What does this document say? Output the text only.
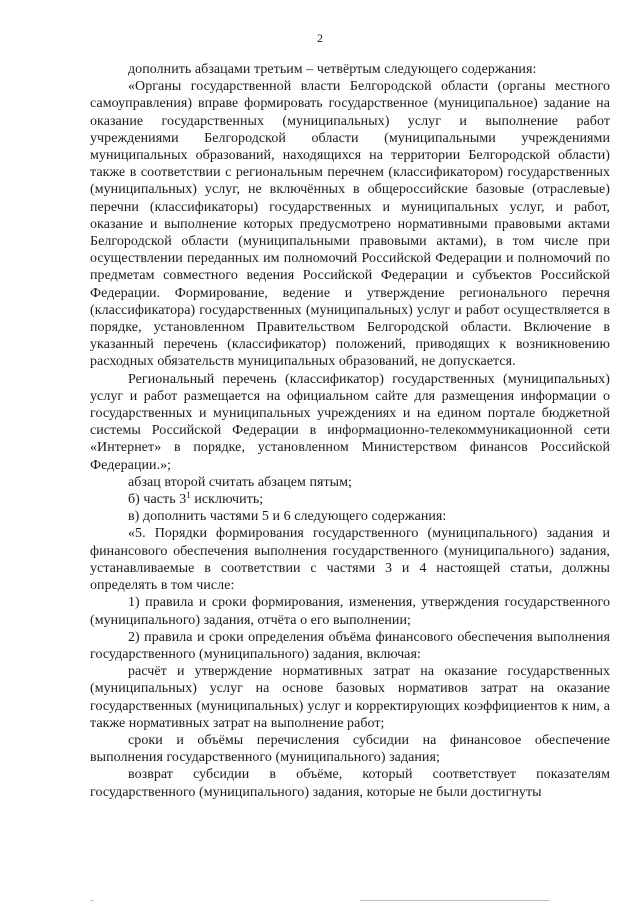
2

дополнить абзацами третьим – четвёртым следующего содержания:

«Органы государственной власти Белгородской области (органы местного самоуправления) вправе формировать государственное (муниципальное) задание на оказание государственных (муниципальных) услуг и выполнение работ учреждениями Белгородской области (муниципальными учреждениями муниципальных образований, находящихся на территории Белгородской области) также в соответствии с региональным перечнем (классификатором) государственных (муниципальных) услуг, не включённых в общероссийские базовые (отраслевые) перечни (классификаторы) государственных и муниципальных услуг, и работ, оказание и выполнение которых предусмотрено нормативными правовыми актами Белгородской области (муниципальными правовыми актами), в том числе при осуществлении переданных им полномочий Российской Федерации и полномочий по предметам совместного ведения Российской Федерации и субъектов Российской Федерации. Формирование, ведение и утверждение регионального перечня (классификатора) государственных (муниципальных) услуг и работ осуществляется в порядке, установленном Правительством Белгородской области. Включение в указанный перечень (классификатор) положений, приводящих к возникновению расходных обязательств муниципальных образований, не допускается.

Региональный перечень (классификатор) государственных (муниципальных) услуг и работ размещается на официальном сайте для размещения информации о государственных и муниципальных учреждениях и на едином портале бюджетной системы Российской Федерации в информационно-телекоммуникационной сети «Интернет» в порядке, установленном Министерством финансов Российской Федерации.»;

абзац второй считать абзацем пятым;

б) часть $3^1$ исключить;

в) дополнить частями 5 и 6 следующего содержания:

«5. Порядки формирования государственного (муниципального) задания и финансового обеспечения выполнения государственного (муниципального) задания, устанавливаемые в соответствии с частями 3 и 4 настоящей статьи, должны определять в том числе:

1) правила и сроки формирования, изменения, утверждения государственного (муниципального) задания, отчёта о его выполнении;

2) правила и сроки определения объёма финансового обеспечения выполнения государственного (муниципального) задания, включая:

расчёт и утверждение нормативных затрат на оказание государственных (муниципальных) услуг на основе базовых нормативов затрат на оказание государственных (муниципальных) услуг и корректирующих коэффициентов к ним, а также нормативных затрат на выполнение работ;

сроки и объёмы перечисления субсидии на финансовое обеспечение выполнения государственного (муниципального) задания;

возврат субсидии в объёме, который соответствует показателям государственного (муниципального) задания, которые не были достигнуты
